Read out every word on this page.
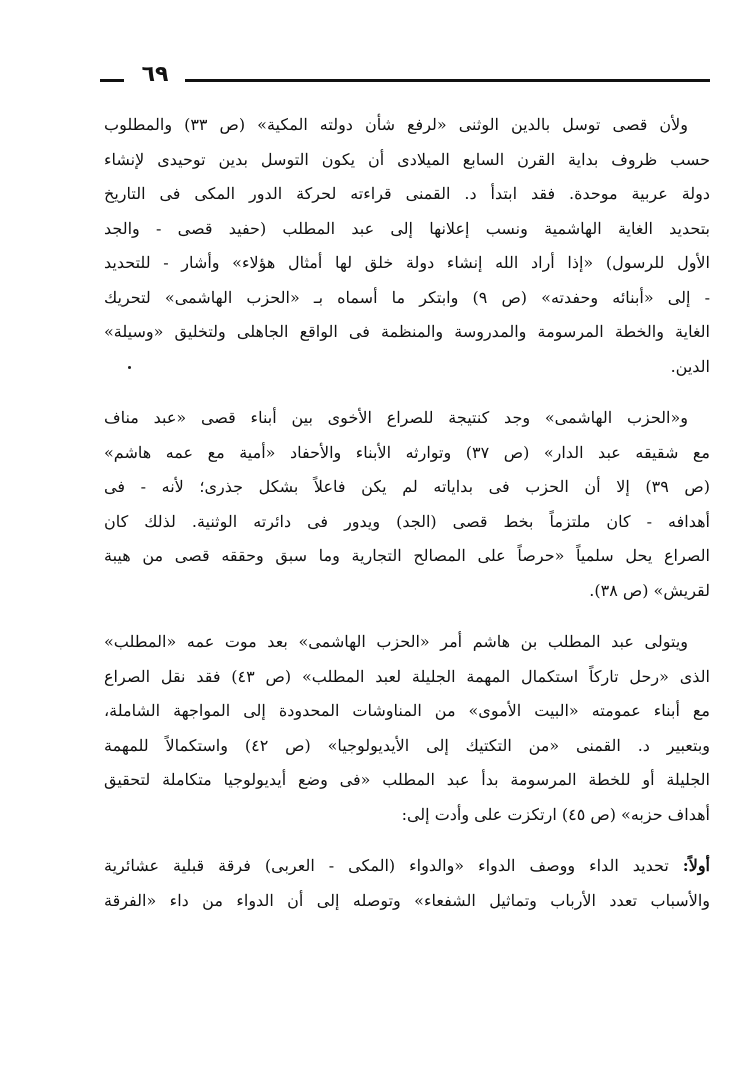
٦٩
ولأن قصى توسل بالدين الوثنى «لرفع شأن دولته المكية» (ص ٣٣) والمطلوب
حسب ظروف بداية القرن السابع الميلادى أن يكون التوسل بدين توحيدى لإنشاء
دولة عربية موحدة. فقد ابتدأ د. القمنى قراءته لحركة الدور المكى فى التاريخ
بتحديد الغاية الهاشمية ونسب إعلانها إلى عبد المطلب (حفيد قصى - والجد
الأول للرسول) «إذا أراد الله إنشاء دولة خلق لها أمثال هؤلاء» وأشار - للتحديد
- إلى «أبنائه وحفدته» (ص ٩) وابتكر ما أسماه بـ «الحزب الهاشمى» لتحريك
الغاية والخطة المرسومة والمدروسة والمنظمة فى الواقع الجاهلى ولتخليق «وسيلة»
الدين.
و«الحزب الهاشمى» وجد كنتيجة للصراع الأخوى بين أبناء قصى «عبد مناف
مع شقيقه عبد الدار» (ص ٣٧) وتوارثه الأبناء والأحفاد «أمية مع عمه هاشم»
(ص ٣٩) إلا أن الحزب فى بداياته لم يكن فاعلاً بشكل جذرى؛ لأنه - فى
أهدافه - كان ملتزماً بخط قصى (الجد) ويدور فى دائرته الوثنية. لذلك كان
الصراع يحل سلمياً «حرصاً على المصالح التجارية وما سبق وحققه قصى من هيبة
لقريش» (ص ٣٨).
ويتولى عبد المطلب بن هاشم أمر «الحزب الهاشمى» بعد موت عمه «المطلب»
الذى «رحل تاركاً استكمال المهمة الجليلة لعبد المطلب» (ص ٤٣) فقد نقل الصراع
مع أبناء عمومته «البيت الأموى» من المناوشات المحدودة إلى المواجهة الشاملة،
وبتعبير د. القمنى «من التكتيك إلى الأيديولوجيا» (ص ٤٢) واستكمالاً للمهمة
الجليلة أو للخطة المرسومة بدأ عبد المطلب «فى وضع أيديولوجيا متكاملة لتحقيق
أهداف حزبه» (ص ٤٥) ارتكزت على وأدت إلى:
أولاً: تحديد الداء ووصف الدواء «والدواء (المكى - العربى) فرقة قبلية عشائرية
والأسباب تعدد الأرباب وتماثيل الشفعاء» وتوصله إلى أن الدواء من داء «الفرقة
